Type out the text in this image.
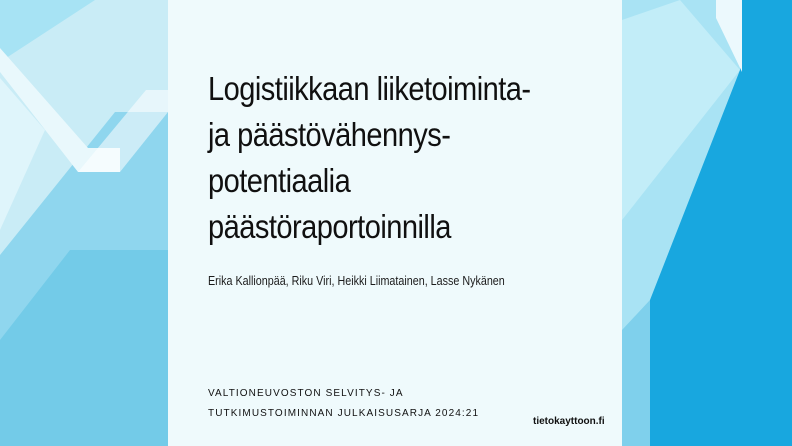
Logistiikkaan liiketoiminta-
ja päästövähennys-
potentiaalia
päästöraportoinnilla

Erika Kallionpää, Riku Viri, Heikki Liimatainen, Lasse Nykänen

VALTIONEUVOSTON SELVITYS- JA
TUTKIMUSTOIMINNAN JULKAISUSARJA 2024:21

tietokayttoon.fi
